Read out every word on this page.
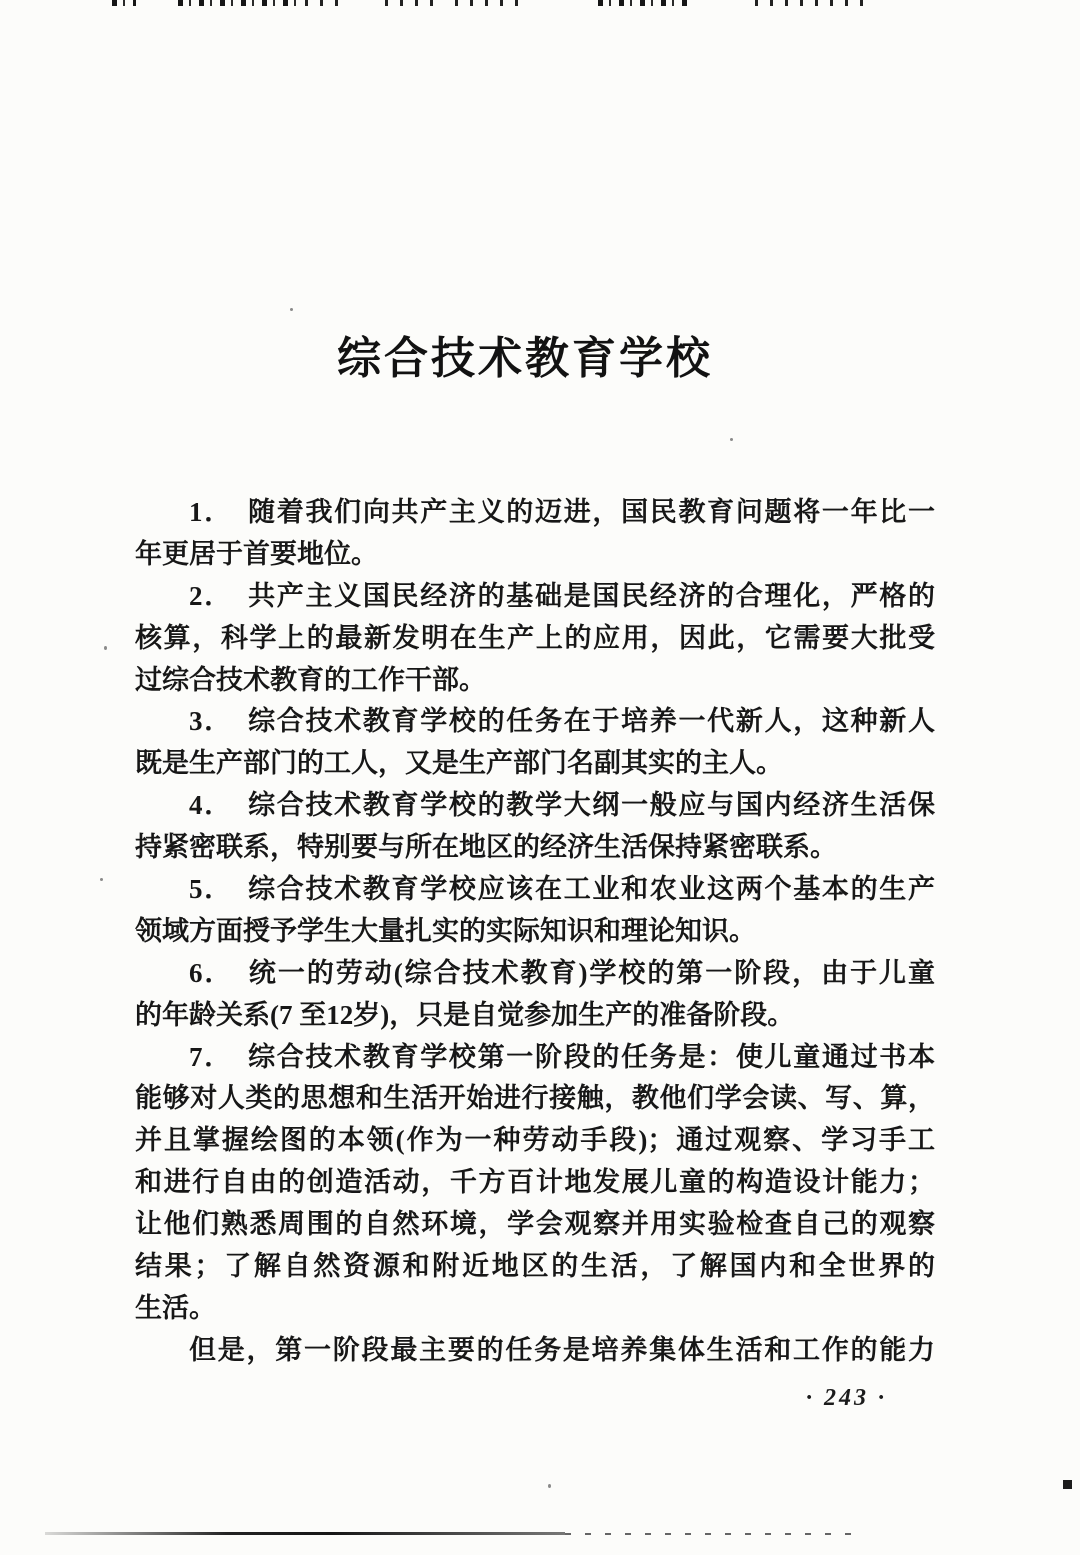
综合技术教育学校
1．　随着我们向共产主义的迈进，国民教育问题将一年比一
年更居于首要地位。
2．　共产主义国民经济的基础是国民经济的合理化，严格的
核算，科学上的最新发明在生产上的应用，因此，它需要大批受
过综合技术教育的工作干部。
3．　综合技术教育学校的任务在于培养一代新人，这种新人
既是生产部门的工人，又是生产部门名副其实的主人。
4．　综合技术教育学校的教学大纲一般应与国内经济生活保
持紧密联系，特别要与所在地区的经济生活保持紧密联系。
5．　综合技术教育学校应该在工业和农业这两个基本的生产
领域方面授予学生大量扎实的实际知识和理论知识。
6．　统一的劳动(综合技术教育)学校的第一阶段，由于儿童
的年龄关系(7 至12岁)，只是自觉参加生产的准备阶段。
7．　综合技术教育学校第一阶段的任务是：使儿童通过书本
能够对人类的思想和生活开始进行接触，教他们学会读、写、算，
并且掌握绘图的本领(作为一种劳动手段)；通过观察、学习手工
和进行自由的创造活动，千方百计地发展儿童的构造设计能力；
让他们熟悉周围的自然环境，学会观察并用实验检查自己的观察
结果；了解自然资源和附近地区的生活，了解国内和全世界的
生活。
但是，第一阶段最主要的任务是培养集体生活和工作的能力
· 243 ·
